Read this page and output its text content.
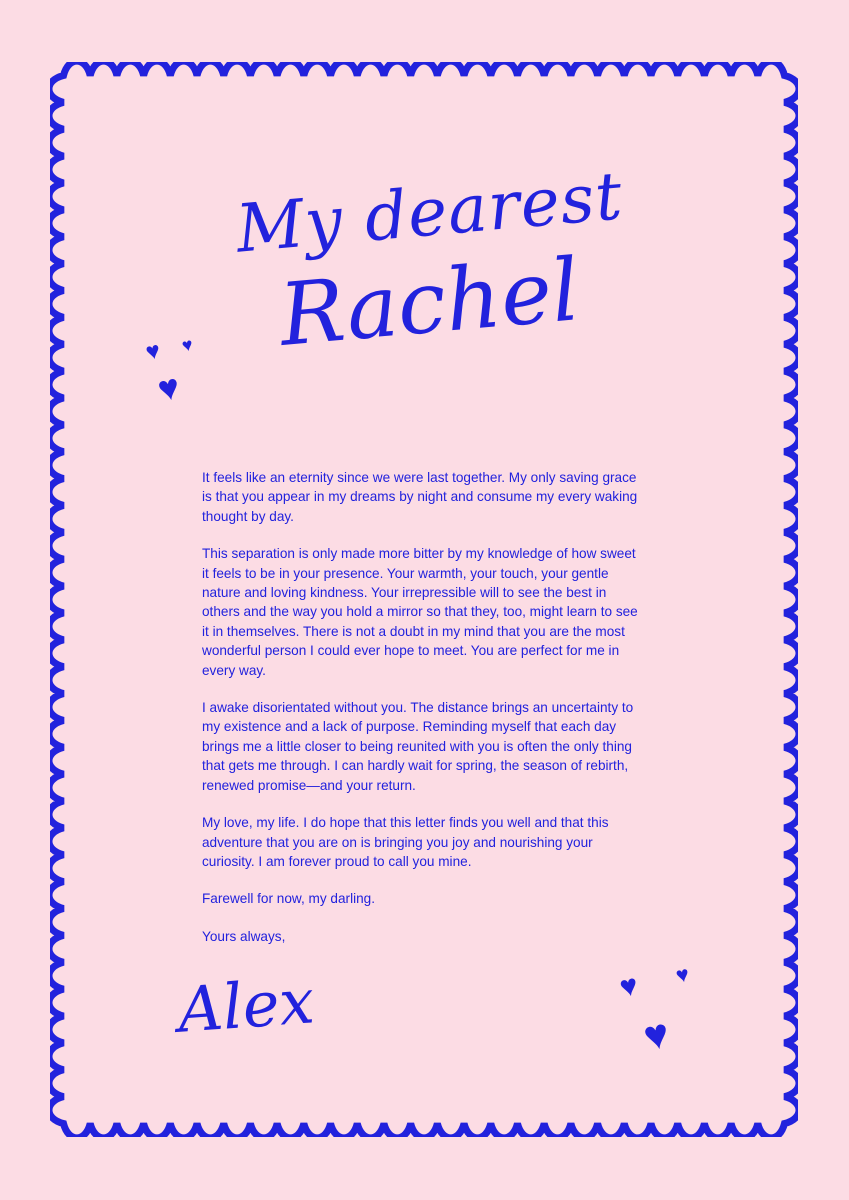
My dearest
Rachel
♥ ♥
♥

It feels like an eternity since we were last together. My only saving grace is that you appear in my dreams by night and consume my every waking thought by day.

This separation is only made more bitter by my knowledge of how sweet it feels to be in your presence. Your warmth, your touch, your gentle nature and loving kindness. Your irrepressible will to see the best in others and the way you hold a mirror so that they, too, might learn to see it in themselves. There is not a doubt in my mind that you are the most wonderful person I could ever hope to meet. You are perfect for me in every way.

I awake disorientated without you. The distance brings an uncertainty to my existence and a lack of purpose. Reminding myself that each day brings me a little closer to being reunited with you is often the only thing that gets me through. I can hardly wait for spring, the season of rebirth, renewed promise—and your return.

My love, my life. I do hope that this letter finds you well and that this adventure that you are on is bringing you joy and nourishing your curiosity. I am forever proud to call you mine.

Farewell for now, my darling.

Yours always,

Alex	♥ ♥
♥
